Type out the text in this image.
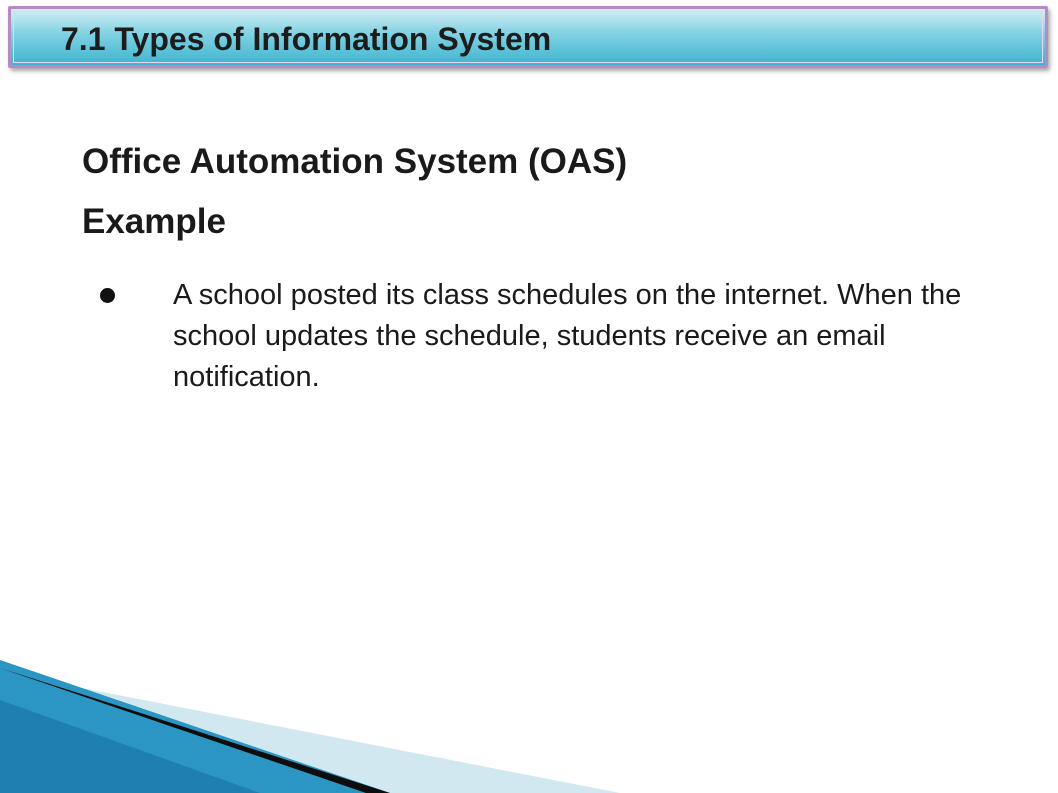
7.1 Types of Information System
Office Automation System (OAS)
Example
A school posted its class schedules on the internet. When the school updates the schedule, students receive an email notification.
